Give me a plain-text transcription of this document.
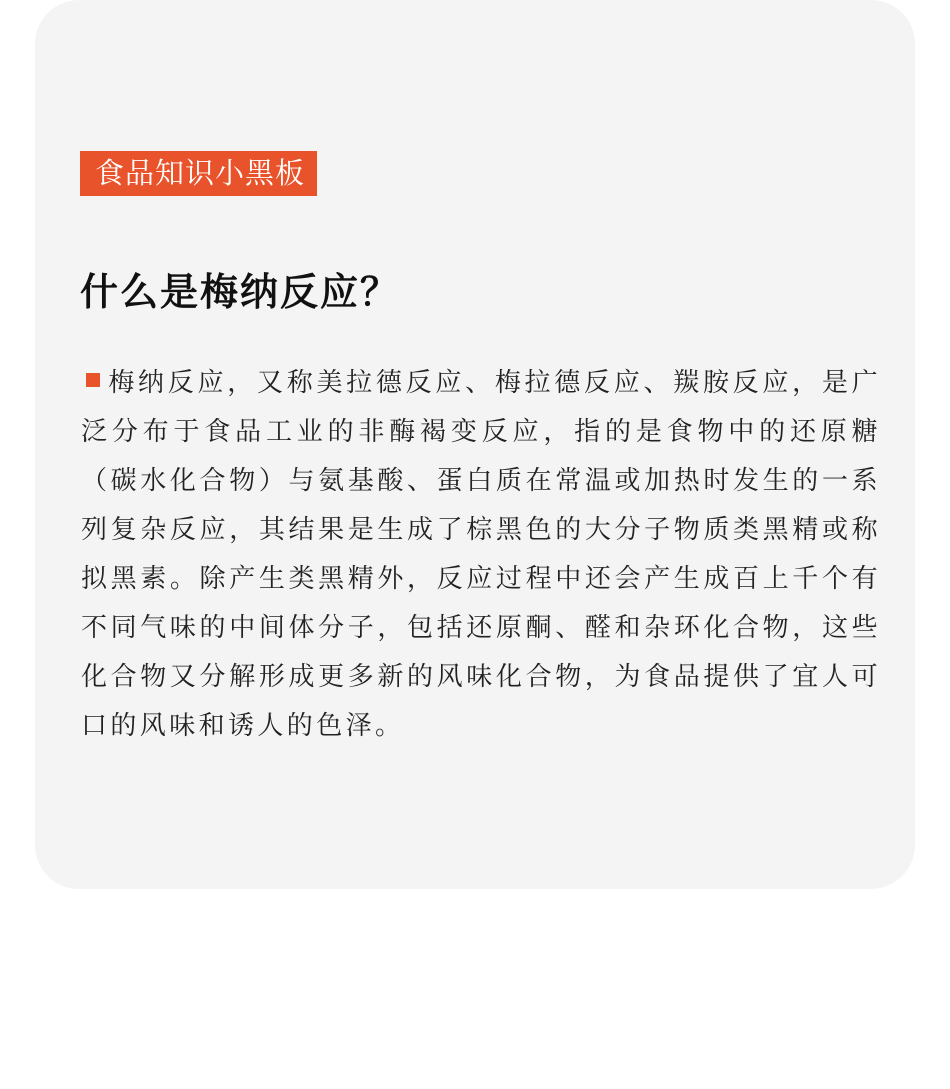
食品知识小黑板
什么是梅纳反应？

梅纳反应，又称美拉德反应、梅拉德反应、羰胺反应，是广泛分布于食品工业的非酶褐变反应，指的是食物中的还原糖（碳水化合物）与氨基酸、蛋白质在常温或加热时发生的一系列复杂反应，其结果是生成了棕黑色的大分子物质类黑精或称拟黑素。除产生类黑精外，反应过程中还会产生成百上千个有不同气味的中间体分子，包括还原酮、醛和杂环化合物，这些化合物又分解形成更多新的风味化合物，为食品提供了宜人可口的风味和诱人的色泽。
